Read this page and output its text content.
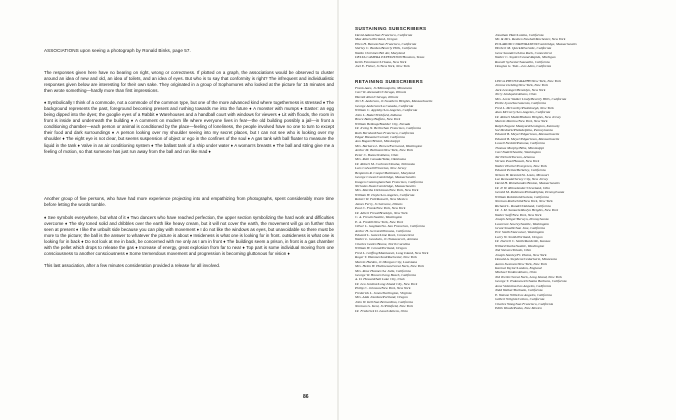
ASSOCIATIONS upon seeing a photograph by Ronald Binks, page 57.

The responses given here have no bearing on right, wrong or correctness. If plotted on a graph, the associations would be observed to cluster around an idea of new and old, an idea of toilets, and an idea of eyes. But who is to say that conformity is right? The infrequent and individualistic responses given below are interesting for their own sake. They originated in a group of Sophomores who looked at the picture for 15 minutes and then wrote something—hardly more than first impressions.

♦ Symbolically I think of a commode, not a commode of the common type, but one of the more advanced kind where togetherness is stressed ♦ The background represents the past, foreground becoming present and rushing towards me into the future ♦ A monster with mumps ♦ Easter: an egg being dipped into the dyes; the googlie eyes of a Rabbit ♦ Warehouses and a handball court with windows for viewers ♦ Lit with floods, the room in front is inside and underneath the building ♦ A comment on modern life where everyone lives in fear—the old building possibly a jail—in front a conditioning chamber—each person or animal is conditioned by the place—feeling of loneliness, the people involved have no one to turn to except their food and dark surroundings ♦ A person looking over my shoulder seeing into my secret places, but I can not see who is looking over my shoulder ♦ The eight eye is not clear, but seems suspension of object or ego in the confines of the soul ♦ A gas tank with ball floater to measure the liquid in the tank ♦ Valve in an air conditioning system ♦ The ballast tank of a ship under water ♦ A woman's breasts ♦ The ball and string give me a feeling of motion, so that someone has just run away from the ball and run like mad ♦

Another group of five persons, who have had more experience projecting into and empathizing from photographs, spent considerably more time before letting the words tumble.

♦ See symbols everywhere, but what of it ♦ Two dancers who have reached perfection, the upper section symbolizing the hard work and difficulties overcome ♦ The sky toned solid and dribbles over the earth like heavy cream, but it will not cover the earth, the movement will go on further than seen at present ♦ I like the unbuilt side because you can play with movement ♦ I do not like the windows as eyes, but unavoidable so there must be more to the picture; the ball is the answer to whatever the picture is about ♦ Insideness is what one is looking for in front. outsideness is what one is looking for in back ♦ Do not look at me in back, be concerned with me only as I am in front ♦ The buildings seem a prison, in front is a gas chamber with the pellet which drops to release the gas ♦ Increase of energy, great explosion from far to near ♦ Top part is some individual moving from one consciousness to another consciousness ♦ Some tremendous movement and progression is becoming gluttonous for vision ♦

This last association, after a few minutes consideration provided a release for all involved.

86

SUSTAINING SUBSCRIBERS

David Adams/San Francisco, California
Max Albers/Portland, Oregon
Ellen H. Benson/San Francisco, California
Shirley C. Burden/Beverly Hills, California
Waldo Christner/Bel Air, Maryland
DELTA CAMERA EXPEDITION/Houston, Texas
Keith Fennimore/Urbana, New York
Joel E. Fisher, Jr./New York, New York
Jonathan Hale/Lomita, California
Mr. & Mrs. Reuben Newhall/Rochester, New York
POLAROID CORPORATION/Cambridge, Massachusetts
Herbert M. Quick/Riverside, California
Gene Saunders/Lima Rock, Connecticut
Walter C. Snyder/Grand Rapids, Michigan
Russell Sylvester/Sausalito, California
Douglas G. Yule—Los Altos, California

RETAINING SUBSCRIBERS

Frank Aaes, Jr./Minneapolis, Minnesota
Carl W. Alexander/Chicago, Illinois
Harold Allen/Chicago, Illinois
Teri E. Anderson, Jr./Southern Heights, Massachusetts
George Anderson/La Canada, California
William C. Appleby/Los Angeles, California
John L. Baker/Wickford, Indiana
Bruce Bailey/Buffalo, New York
William Belknap/Boulder City, Nevada
Dr. Irving N. Berlin/San Francisco, California
Ruth Bernhard/San Francisco, California
Edgar Bissantz/Cornell, California
Ann Bogart/Bristol, Mississippi
Mrs. Barbara L. Brown/Everwood, Washington
Arthur M. Bullivant/New York, New York
Peter C. Bunnell/Athens, Ohio
Mrs. Ruth Canada/Yalta, Oklahoma
Dr. Robert M. Cochran/Omaha, Nebraska
Lars Colwell/Princeton, New Jersey
Benjamin R. Cooper/Baltimore, Maryland
George Cowen/Cambridge, Massachusetts
Imogen Cunningham/San Francisco, California
Nicholas Dean/Cambridge, Massachusetts
Mrs. Martha Dickinson/New York, New York
William H. Doyle/Los Angeles, California
Robert W. Fall/Roswell, New Mexico
James Ferry, Jr./Glencoe, Illinois
Paul C. Frank/New York, New York
Dr. Albert Freed/Brooklyn, New York
C. A. Frewin/Seattle, Washington
E. A. Fredell/New York, New York
Oliver L. Gagliani/So. San Francisco, California
Arthur H. Gerrard/Pomona, California
Edward L. Gates/Lime Rock, Connecticut
Walter L. Goodwin, Jr./Tumacacori, Arizona
Charles Gotier/Boone, North Carolina
William H. Grund/Portland, Oregon
Fred L. Griffing/Manhasset, Long Island, New York
Roger T. Hammerlund/Rochester, New York
Marvin Harden, Jr./Morgan City, Louisiana
Mrs. Helen H. Hollowsan/Great Neck, New York
Mrs. Rose Hosmer/La Jolla, California
George W. Hoover/Long Beach, California
A. D. Howard/Salt Lake City, Utah
Dr. Leo Jenkins/Long Island City, New York
Philip C. Johnson/New York, New York
Frederick L. Jones/Darlington, Virginia
Mrs. Alda Jourdan/Portland, Oregon
John W. Kell/San Bernardino, California
Norman G. Kent, Jr./Pittsfield, New York
Dr. Frederick D. Lauch/Athens, Ohio
LEICA PHOTOGRAPHY/New York, New York
Jerome Liebling/New York, New York
Jack Lessinger/Brooklyn, New York
Terry Lindquist/Athens, Ohio
Mrs. Lovie Walker Lindy/Beverly Hills, California
Pirkle Lyon/Sacramento, California
Fred L. McCarthy/Plattsburgh, New York
Alan McCurry/Los Angeles, California
Dr. Robert Maltz/Hudson Heights, New Jersey
Marvin Marlow/New York, New York
Ralph Eugene Meatyard/Lexington, Kentucky
Sol Mednick/Philadelphia, Pennsylvania
Edward B. Meyer/Edgartown, Massachusetts
Edward B. Meyer/Edgartown, Massachusetts
Lowell Nesbitt/Pomona, California
Thomas Murphy/Bliss, Mississippi
Carl Nadell/Seattle, Washington
Tal Nicholi/Tucson, Arizona
Vernon Peal/Hawaii, New York
Walter Pischer/Evergreen, New York
Edward Pettus/Berkeley, California
Nelson H. Resnick/St. Louis, Missouri
Lee Renwald/Jersey City, New Jersey
David H. Rhinelander/Boston, Massachusetts
Dr. P. W. Rhinelander/Cleveland, Ohio
Gerald M. Robinson/Philadelphia, Pennsylvania
William Robinhold/Goleta, California
Norman Rothschild/New York, New York
Richard L. Rundel/Oakland, California
Dr. J. M. Samuels/Ruslyn Heights, New York
Walter Seiff/New York, New York
Joseph Seliger/Berwyn, Pennsylvania
Lawrence Sowrey/Seattle, Washington
Grant Smallie/San Jose, California
Eric Smith/Vancouver, Washington
Larry W. Smith/Portland, Oregon
Dr. Darrell C. Smith/Reedville, Kansas
Willard Starks/Seattle, Washington
Tod Stevens/Toledo, Ohio
Joseph Stanley/Ft. Plains, New York
Donald A. Stephens/Cedarhurst, Minnesota
Aaron Swenson/New York, New York
Karmal Taylor/London, England
Michael Tonkin/Athens, Ohio
Ted Tectler/Great Neck, Long Island, New York
George T. Trakosowich/Santa Barbara, California
Anne Valentine/Los Angeles, California
Todd Walker/Burbank, California
E. Watson Wills/Los Angeles, California
Gilbert Wrights/Colton, California
Charles Wong/San Francisco, California
Edith Woods/Pasko, New Mexico
